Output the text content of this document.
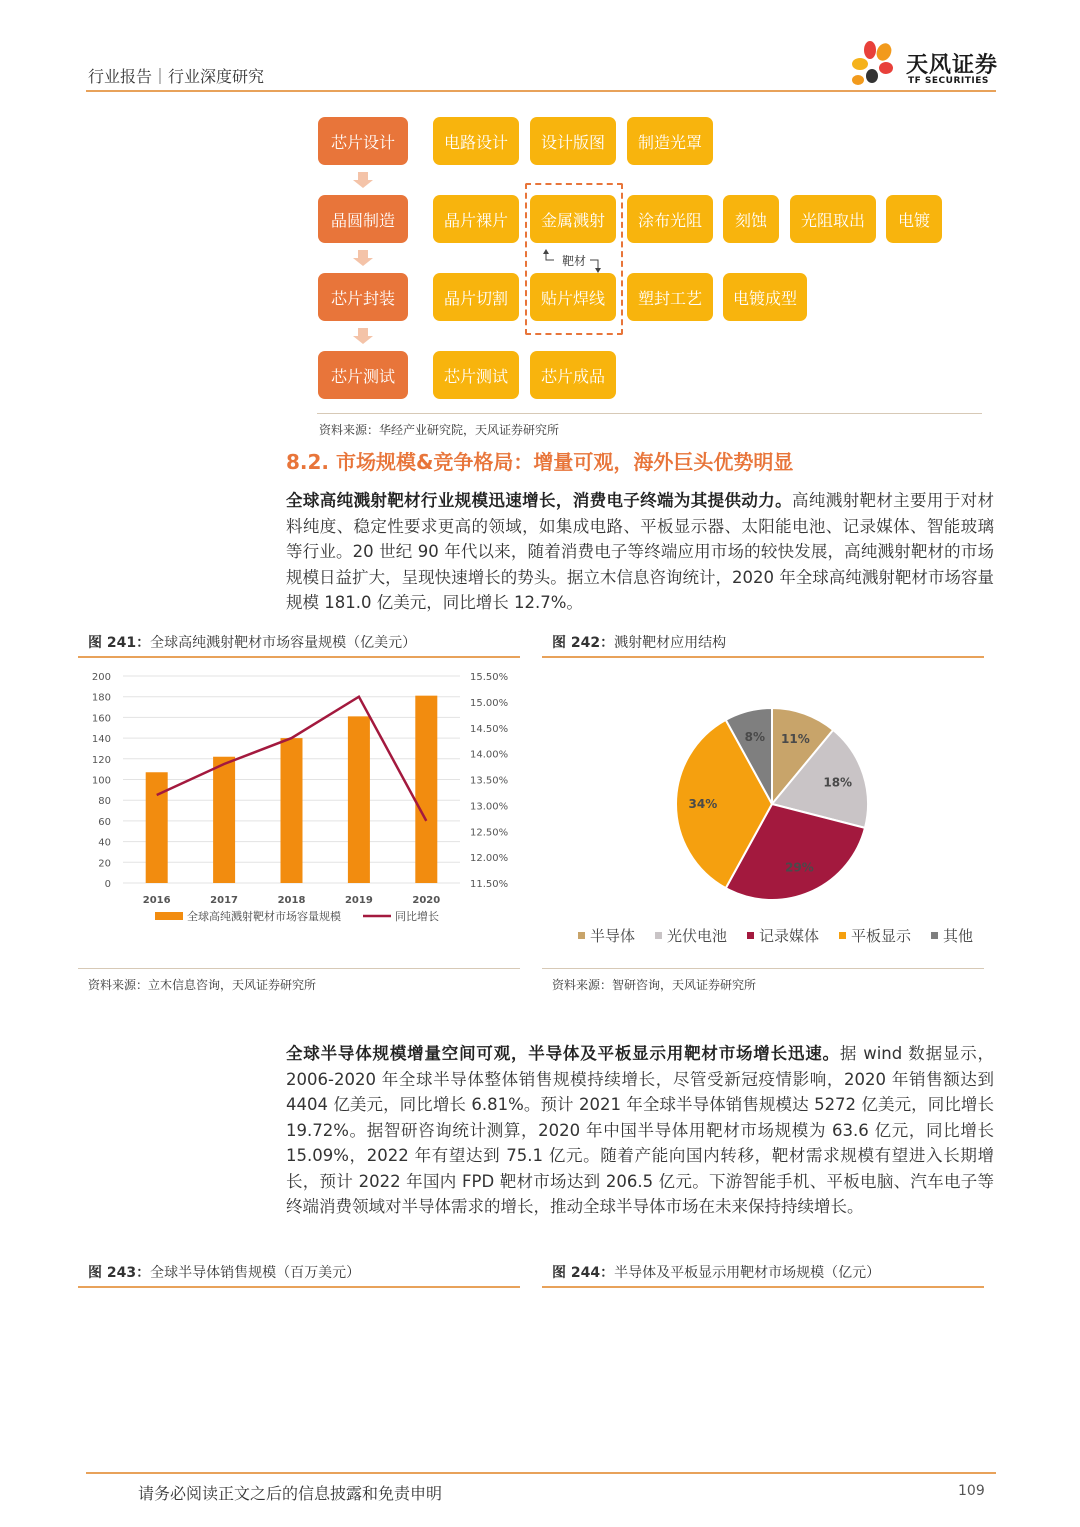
行业报告｜行业深度研究	天风证券
TF SECURITIES
芯片设计
晶圆制造
芯片封装
芯片测试
电路设计	设计版图	制造光罩
晶片裸片	金属溅射	涂布光阻	刻蚀	光阻取出	电镀
晶片切割	贴片焊线	塑封工艺	电镀成型
芯片测试	芯片成品
靶材
资料来源：华经产业研究院，天风证券研究所
8.2. 市场规模&竞争格局：增量可观，海外巨头优势明显
全球高纯溅射靶材行业规模迅速增长，消费电子终端为其提供动力。高纯溅射靶材主要用于对材料纯度、稳定性要求更高的领域，如集成电路、平板显示器、太阳能电池、记录媒体、智能玻璃等行业。20 世纪 90 年代以来，随着消费电子等终端应用市场的较快发展，高纯溅射靶材的市场规模日益扩大，呈现快速增长的势头。据立木信息咨询统计，2020 年全球高纯溅射靶材市场容量规模 181.0 亿美元，同比增长 12.7%。
图 241：全球高纯溅射靶材市场容量规模（亿美元）	图 242：溅射靶材应用结构
0
20
40
60
80
100
120
140
160
180
200
11.50%
12.00%
12.50%
13.00%
13.50%
14.00%
14.50%
15.00%
15.50%
2016	2017	2018	2019	2020
全球高纯溅射靶材市场容量规模	同比增长
11%
18%
29%
34%
8%
半导体 光伏电池 记录媒体 平板显示 其他
资料来源：立木信息咨询，天风证券研究所	资料来源：智研咨询，天风证券研究所
全球半导体规模增量空间可观，半导体及平板显示用靶材市场增长迅速。据 wind 数据显示，2006-2020 年全球半导体整体销售规模持续增长，尽管受新冠疫情影响，2020 年销售额达到 4404 亿美元，同比增长 6.81%。预计 2021 年全球半导体销售规模达 5272 亿美元，同比增长 19.72%。据智研咨询统计测算，2020 年中国半导体用靶材市场规模为 63.6 亿元，同比增长 15.09%，2022 年有望达到 75.1 亿元。随着产能向国内转移，靶材需求规模有望进入长期增长，预计 2022 年国内 FPD 靶材市场达到 206.5 亿元。下游智能手机、平板电脑、汽车电子等终端消费领域对半导体需求的增长，推动全球半导体市场在未来保持持续增长。
图 243：全球半导体销售规模（百万美元）	图 244：半导体及平板显示用靶材市场规模（亿元）
请务必阅读正文之后的信息披露和免责申明	109
